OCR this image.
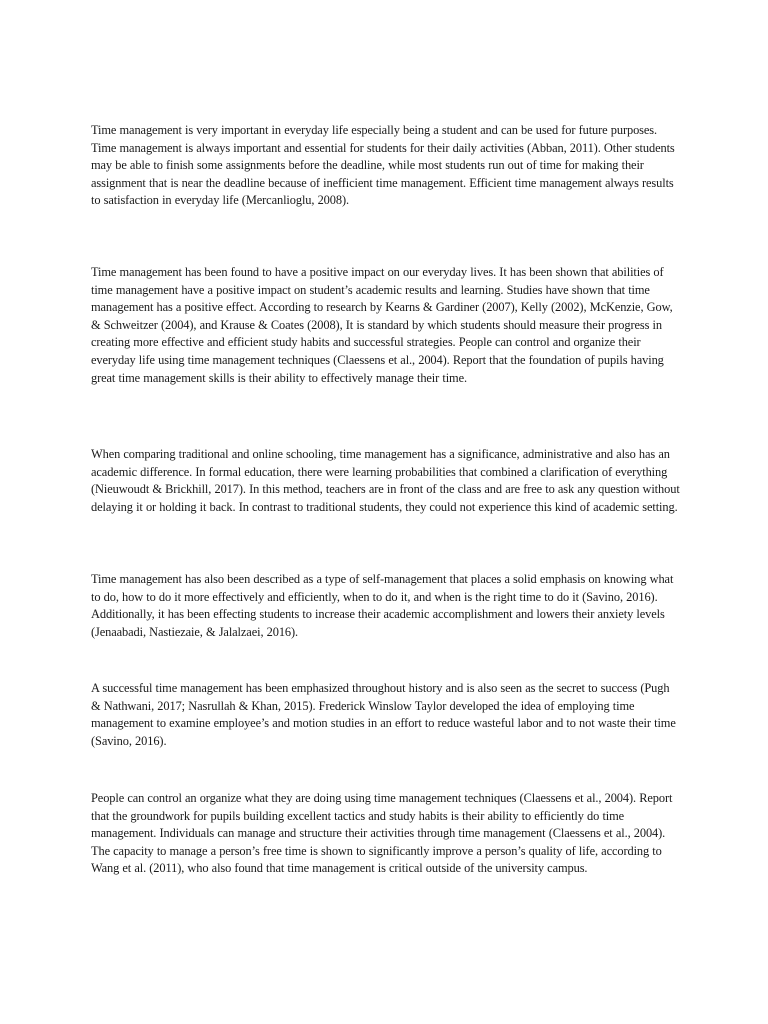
Time management is very important in everyday life especially being a student and can be used for future purposes. Time management is always important and essential for students for their daily activities (Abban, 2011). Other students may be able to finish some assignments before the deadline, while most students run out of time for making their assignment that is near the deadline because of inefficient time management. Efficient time management always results to satisfaction in everyday life (Mercanlioglu, 2008).

Time management has been found to have a positive impact on our everyday lives. It has been shown that abilities of time management have a positive impact on student’s academic results and learning. Studies have shown that time management has a positive effect. According to research by Kearns & Gardiner (2007), Kelly (2002), McKenzie, Gow, & Schweitzer (2004), and Krause & Coates (2008), It is standard by which students should measure their progress in creating more effective and efficient study habits and successful strategies. People can control and organize their everyday life using time management techniques (Claessens et al., 2004). Report that the foundation of pupils having great time management skills is their ability to effectively manage their time.

When comparing traditional and online schooling, time management has a significance, administrative and also has an academic difference. In formal education, there were learning probabilities that combined a clarification of everything (Nieuwoudt & Brickhill, 2017). In this method, teachers are in front of the class and are free to ask any question without delaying it or holding it back. In contrast to traditional students, they could not experience this kind of academic setting.

Time management has also been described as a type of self-management that places a solid emphasis on knowing what to do, how to do it more effectively and efficiently, when to do it, and when is the right time to do it (Savino, 2016). Additionally, it has been effecting students to increase their academic accomplishment and lowers their anxiety levels (Jenaabadi, Nastiezaie, & Jalalzaei, 2016).

A successful time management has been emphasized throughout history and is also seen as the secret to success (Pugh & Nathwani, 2017; Nasrullah & Khan, 2015). Frederick Winslow Taylor developed the idea of employing time management to examine employee’s and motion studies in an effort to reduce wasteful labor and to not waste their time (Savino, 2016).

People can control an organize what they are doing using time management techniques (Claessens et al., 2004). Report that the groundwork for pupils building excellent tactics and study habits is their ability to efficiently do time management. Individuals can manage and structure their activities through time management (Claessens et al., 2004). The capacity to manage a person’s free time is shown to significantly improve a person’s quality of life, according to Wang et al. (2011), who also found that time management is critical outside of the university campus.
